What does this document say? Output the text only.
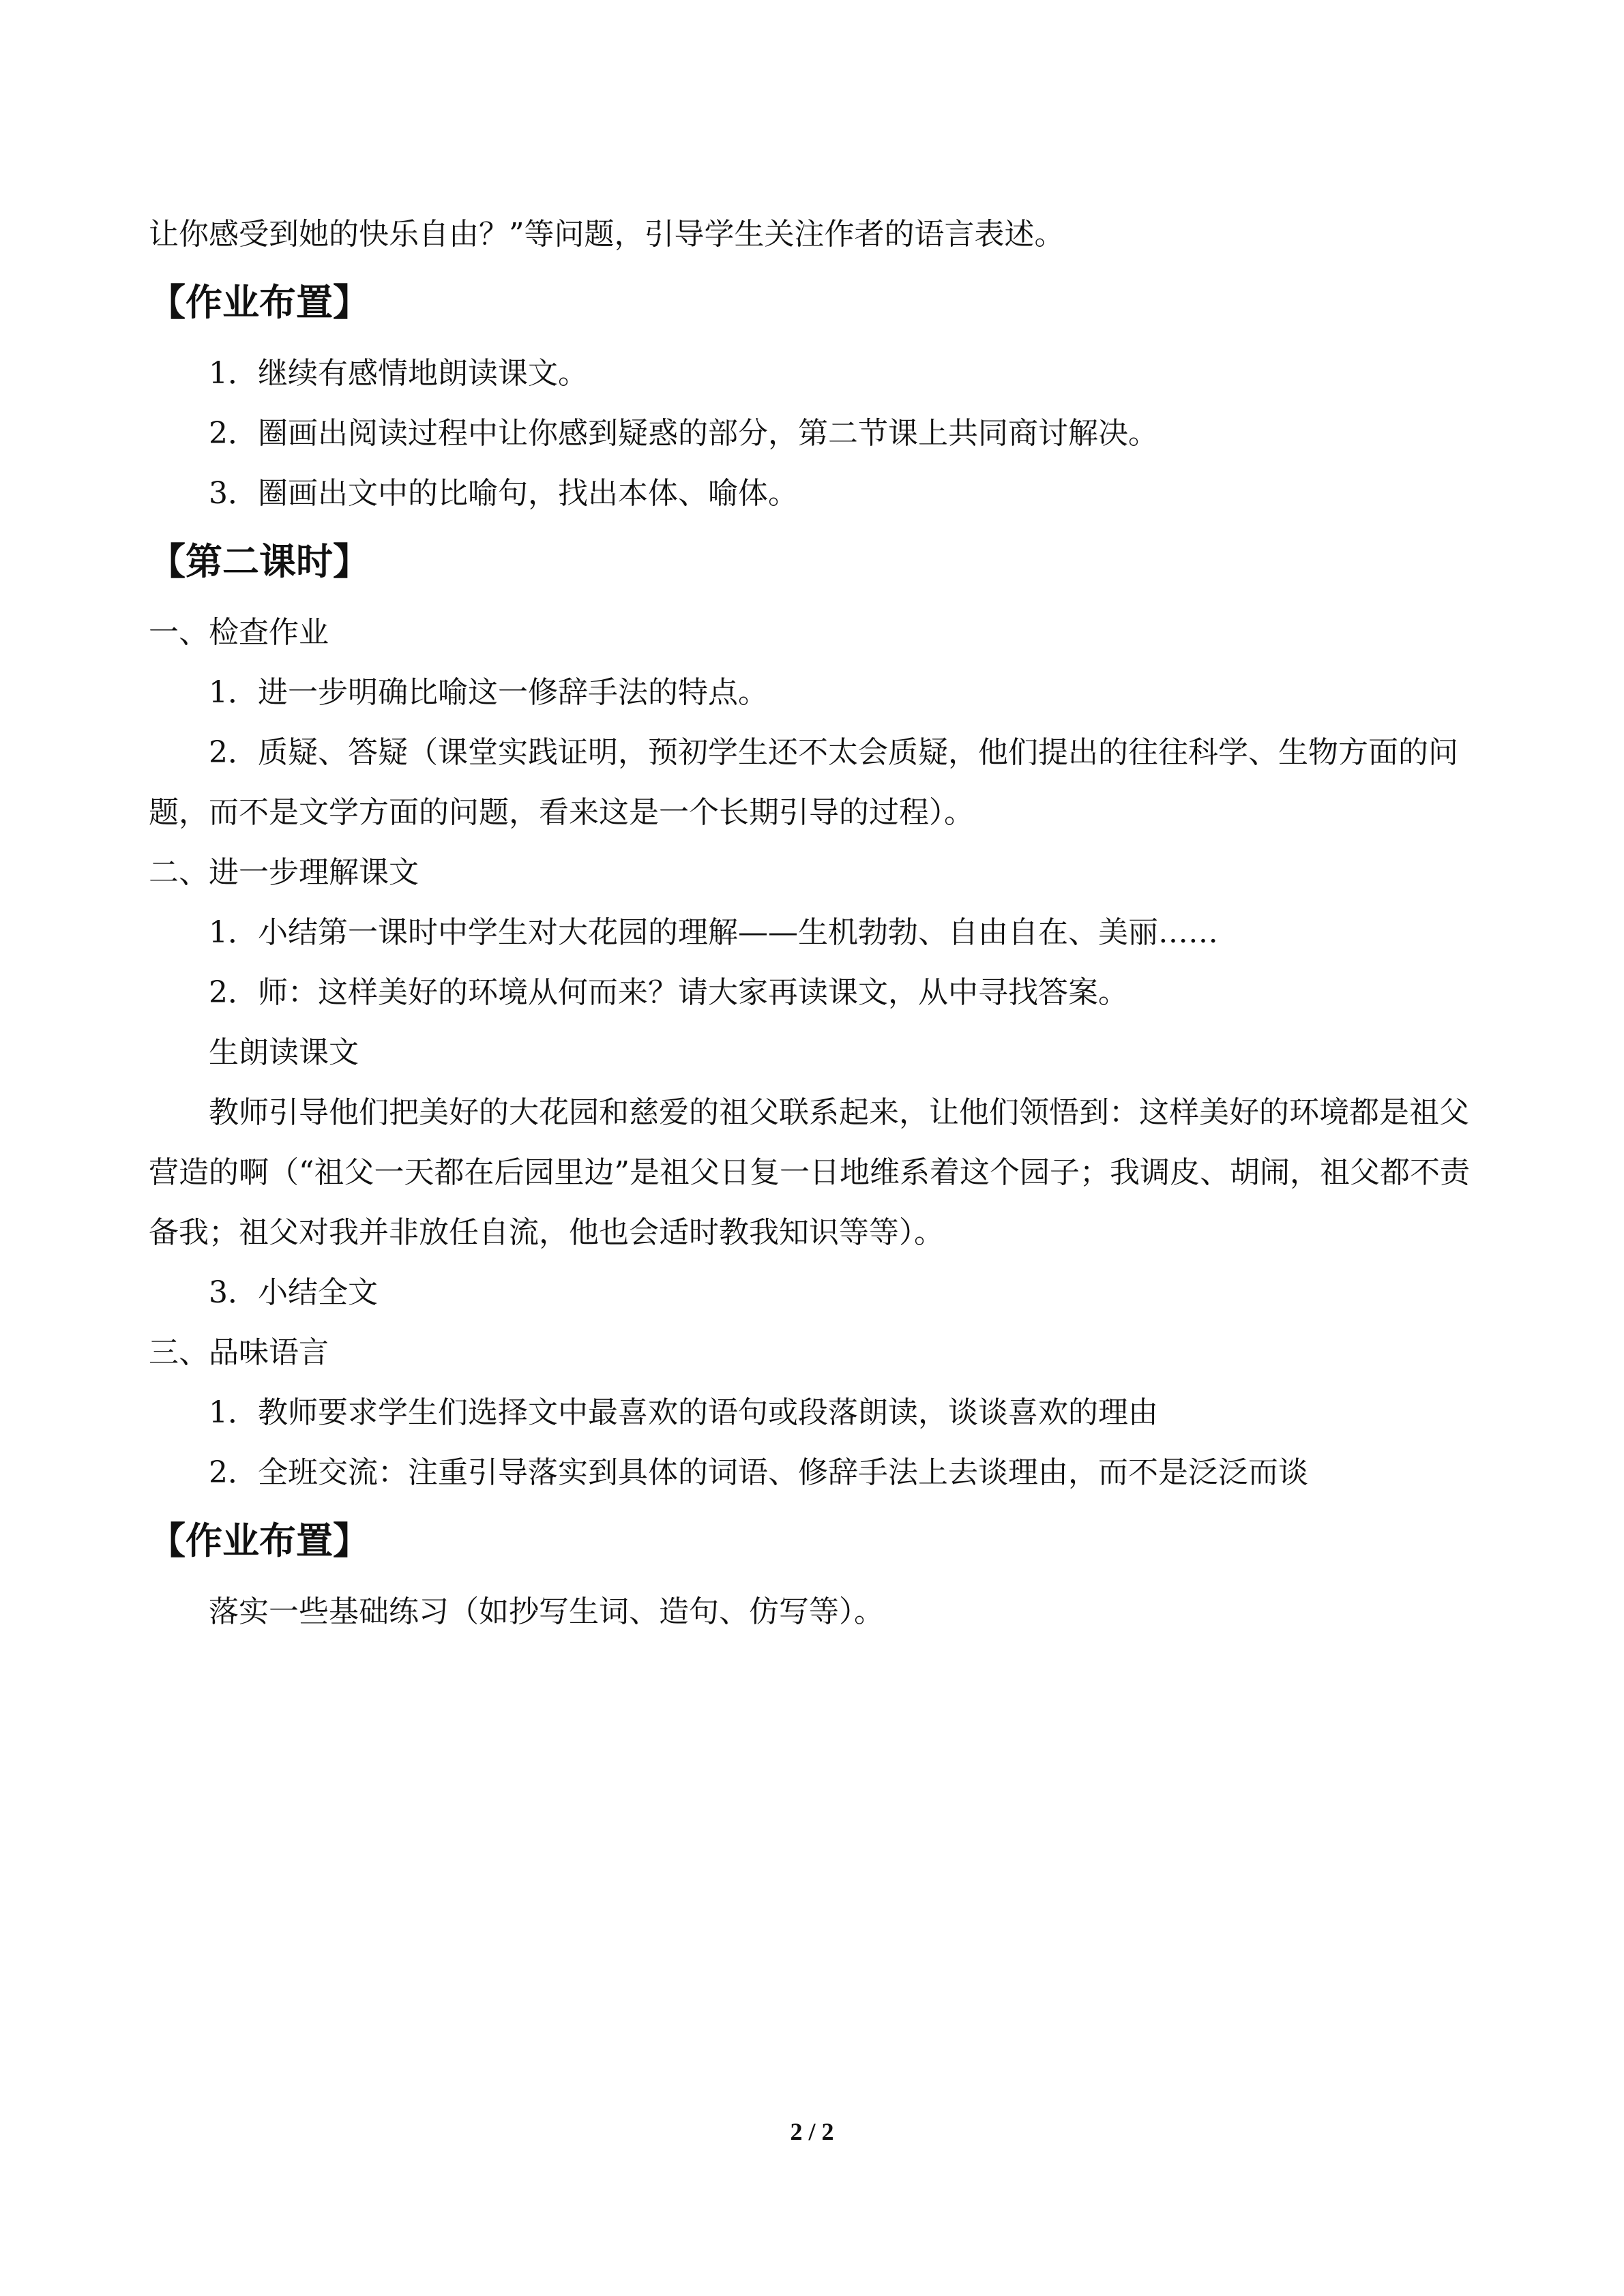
让你感受到她的快乐自由？”等问题，引导学生关注作者的语言表述。

【作业布置】

1．继续有感情地朗读课文。

2．圈画出阅读过程中让你感到疑惑的部分，第二节课上共同商讨解决。

3．圈画出文中的比喻句，找出本体、喻体。

【第二课时】

一、检查作业

1．进一步明确比喻这一修辞手法的特点。

2．质疑、答疑（课堂实践证明，预初学生还不太会质疑，他们提出的往往科学、生物方面的问题，而不是文学方面的问题，看来这是一个长期引导的过程）。

二、进一步理解课文

1．小结第一课时中学生对大花园的理解——生机勃勃、自由自在、美丽……

2．师：这样美好的环境从何而来？请大家再读课文，从中寻找答案。

生朗读课文

教师引导他们把美好的大花园和慈爱的祖父联系起来，让他们领悟到：这样美好的环境都是祖父营造的啊（“祖父一天都在后园里边”是祖父日复一日地维系着这个园子；我调皮、胡闹，祖父都不责备我；祖父对我并非放任自流，他也会适时教我知识等等）。

3．小结全文

三、品味语言

1．教师要求学生们选择文中最喜欢的语句或段落朗读，谈谈喜欢的理由

2．全班交流：注重引导落实到具体的词语、修辞手法上去谈理由，而不是泛泛而谈

【作业布置】

落实一些基础练习（如抄写生词、造句、仿写等）。

2 / 2
